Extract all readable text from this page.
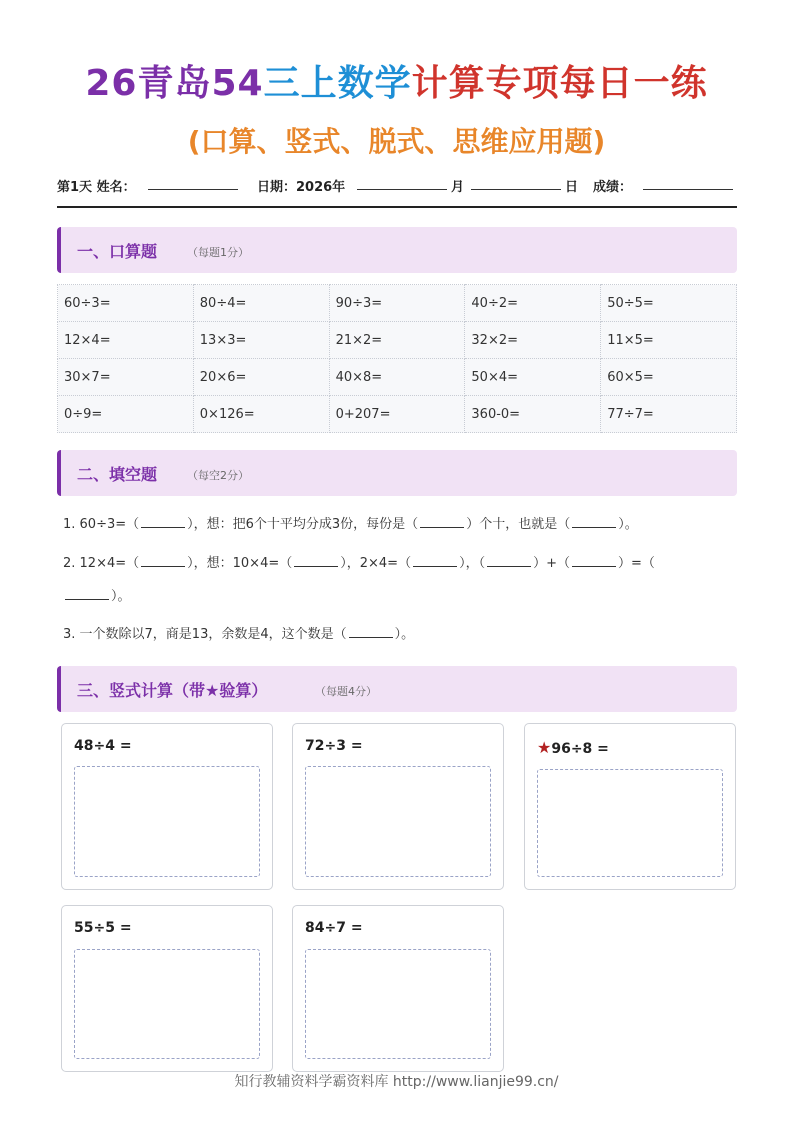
26青岛54三上数学计算专项每日一练
(口算、竖式、脱式、思维应用题)
第1天 姓名：	日期：2026年	月	日 成绩：
一、口算题	（每题1分）
60÷3=	80÷4=	90÷3=	40÷2=	50÷5=
12×4=	13×3=	21×2=	32×2=	11×5=
30×7=	20×6=	40×8=	50×4=	60×5=
0÷9=	0×126=	0+207=	360-0=	77÷7=
二、填空题	（每空2分）
1. 60÷3=（	），想：把6个十平均分成3份，每份是（	）个十，也就是（	）。
2. 12×4=（	），想：10×4=（	），2×4=（	），（	）+（	）=（
）。
3. 一个数除以7，商是13，余数是4，这个数是（	）。
三、竖式计算（带★验算）	（每题4分）
48÷4 =	72÷3 =	★96÷8 =
55÷5 =	84÷7 =
知行教辅资料学霸资料库 http://www.lianjie99.cn/
